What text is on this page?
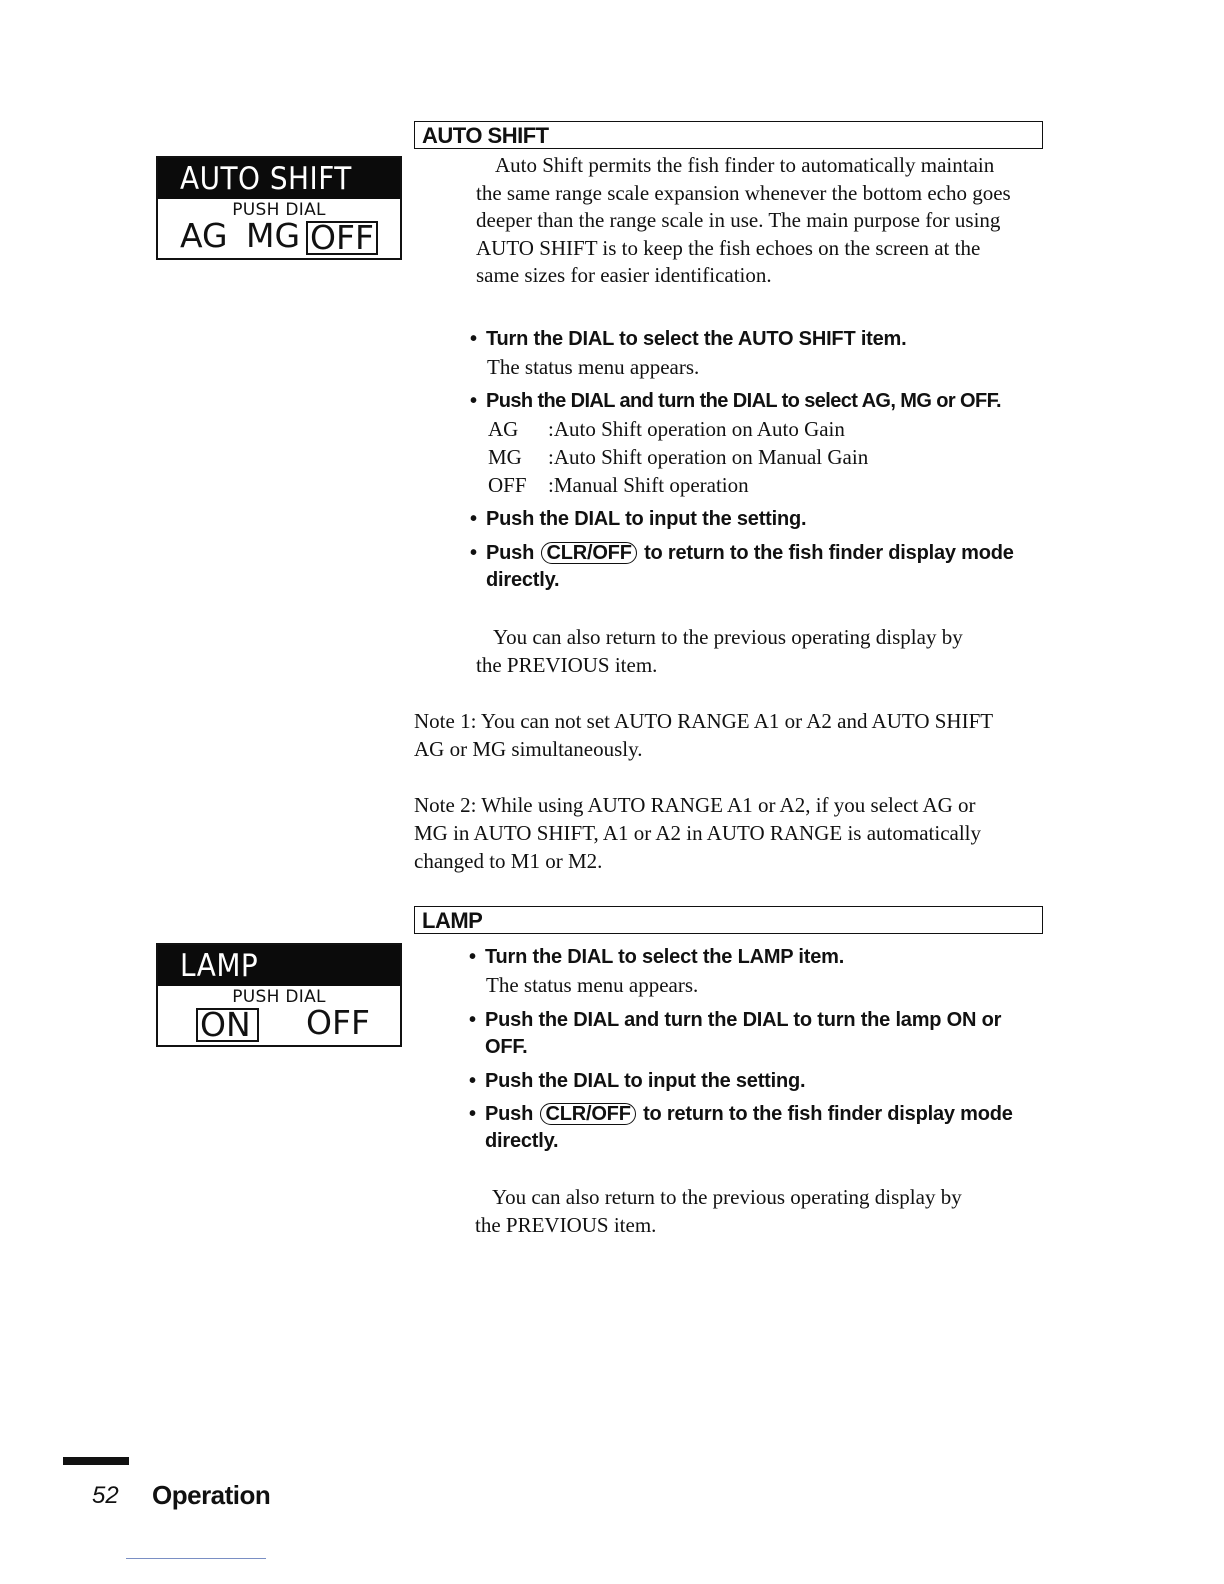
AUTO SHIFT
AUTO SHIFT
PUSH DIAL
AG MG OFF
Auto Shift permits the fish finder to automatically maintain
the same range scale expansion whenever the bottom echo goes
deeper than the range scale in use. The main purpose for using
AUTO SHIFT is to keep the fish echoes on the screen at the
same sizes for easier identification.
• Turn the DIAL to select the AUTO SHIFT item.
The status menu appears.
• Push the DIAL and turn the DIAL to select AG, MG or OFF.
AG :Auto Shift operation on Auto Gain
MG :Auto Shift operation on Manual Gain
OFF :Manual Shift operation
• Push the DIAL to input the setting.
• Push CLR/OFF to return to the fish finder display mode
directly.
You can also return to the previous operating display by
the PREVIOUS item.
Note 1: You can not set AUTO RANGE A1 or A2 and AUTO SHIFT
AG or MG simultaneously.
Note 2: While using AUTO RANGE A1 or A2, if you select AG or
MG in AUTO SHIFT, A1 or A2 in AUTO RANGE is automatically
changed to M1 or M2.
LAMP
LAMP
PUSH DIAL
ON OFF
• Turn the DIAL to select the LAMP item.
The status menu appears.
• Push the DIAL and turn the DIAL to turn the lamp ON or
OFF.
• Push the DIAL to input the setting.
• Push CLR/OFF to return to the fish finder display mode
directly.
You can also return to the previous operating display by
the PREVIOUS item.
52 Operation
